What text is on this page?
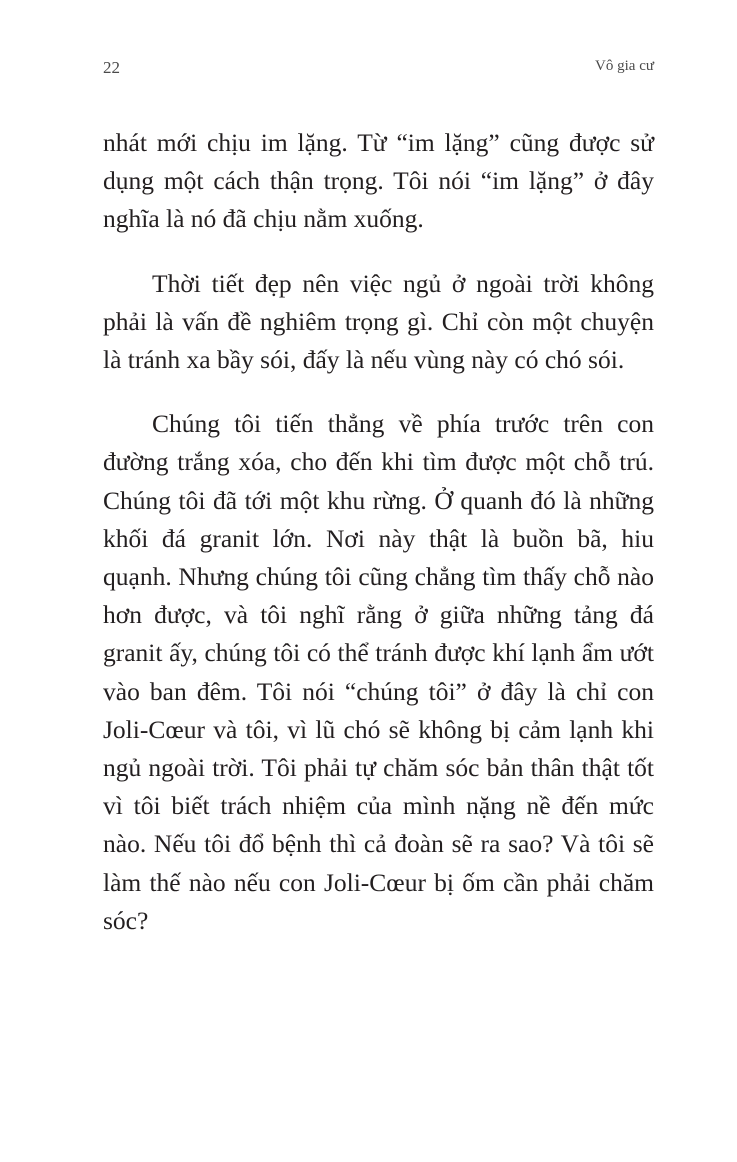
22	Vô gia cư

nhát mới chịu im lặng. Từ “im lặng” cũng được sử dụng một cách thận trọng. Tôi nói “im lặng” ở đây nghĩa là nó đã chịu nằm xuống.

Thời tiết đẹp nên việc ngủ ở ngoài trời không phải là vấn đề nghiêm trọng gì. Chỉ còn một chuyện là tránh xa bầy sói, đấy là nếu vùng này có chó sói.

Chúng tôi tiến thẳng về phía trước trên con đường trắng xóa, cho đến khi tìm được một chỗ trú. Chúng tôi đã tới một khu rừng. Ở quanh đó là những khối đá granit lớn. Nơi này thật là buồn bã, hiu quạnh. Nhưng chúng tôi cũng chẳng tìm thấy chỗ nào hơn được, và tôi nghĩ rằng ở giữa những tảng đá granit ấy, chúng tôi có thể tránh được khí lạnh ẩm ướt vào ban đêm. Tôi nói “chúng tôi” ở đây là chỉ con Joli-Cœur và tôi, vì lũ chó sẽ không bị cảm lạnh khi ngủ ngoài trời. Tôi phải tự chăm sóc bản thân thật tốt vì tôi biết trách nhiệm của mình nặng nề đến mức nào. Nếu tôi đổ bệnh thì cả đoàn sẽ ra sao? Và tôi sẽ làm thế nào nếu con Joli-Cœur bị ốm cần phải chăm sóc?
